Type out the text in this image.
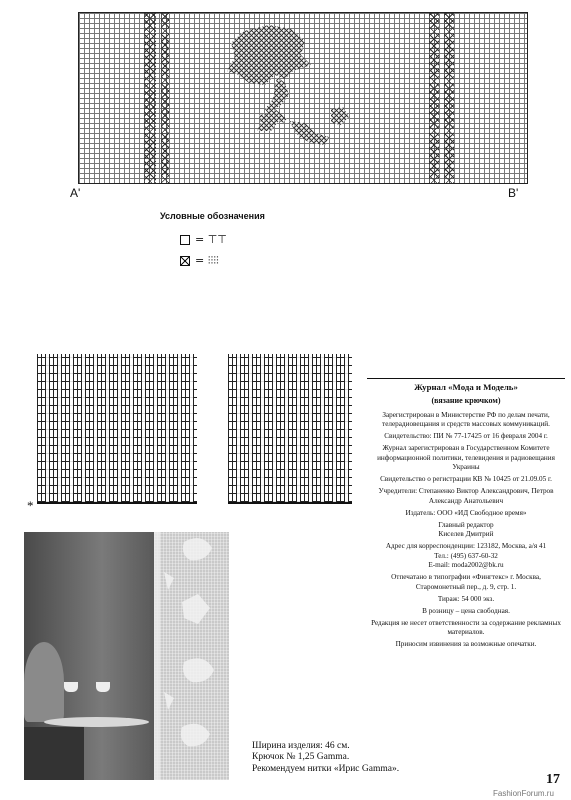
A'	B'
Условные обозначения
= ⊤⊤
= ⫶⫶⫶⫶
*

Журнал «Мода и Модель»

(вязание крючком)

Зарегистрирован в Министерстве РФ по делам печати, телерадиовещания и средств массовых коммуникаций.

Свидетельство: ПИ № 77-17425 от 16 февраля 2004 г.

Журнал зарегистрирован в Государственном Комитете информационной политики, телевидения и радиовещания Украины

Свидетельство о регистрации КВ № 10425 от 21.09.05 г.

Учредители: Степаненко Виктор Александрович, Петров Александр Анатольевич

Издатель: ООО «ИД Свободное время»

Главный редактор

Киселев Дмитрий

Адрес для корреспонденции: 123182, Москва, а/я 41

Тел.: (495) 637-60-32

E-mail: moda2002@bk.ru

Отпечатано в типографии «Фингтекс» г. Москва, Старомонетный пер., д. 9, стр. 1.

Тираж: 54 000 экз.

В розницу – цена свободная.

Редакция не несет ответственности за содержание рекламных материалов.

Приносим извинения за возможные опечатки.

Ширина изделия: 46 см.
Крючок № 1,25 Gamma.
Рекомендуем нитки «Ирис Gamma».
17
FashionForum.ru
